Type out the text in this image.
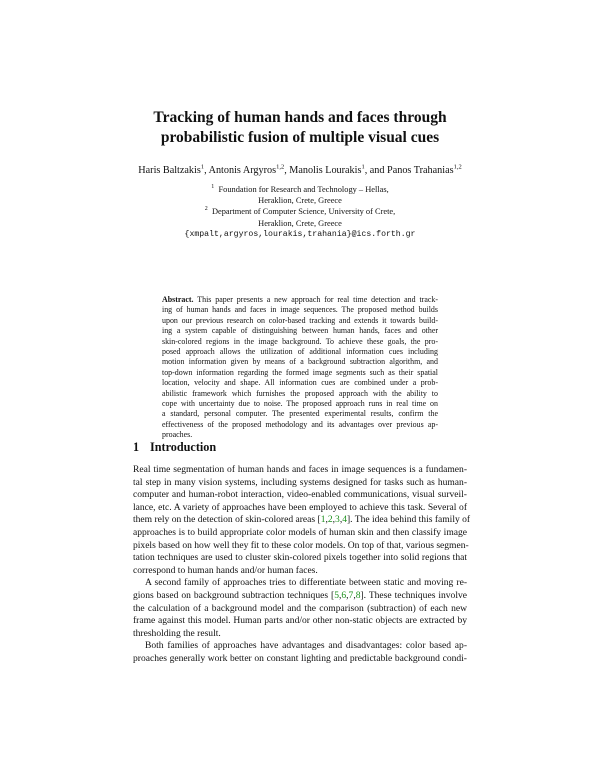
Tracking of human hands and faces through
probabilistic fusion of multiple visual cues
Haris Baltzakis$^1$, Antonis Argyros$^{1,2}$, Manolis Lourakis$^1$, and Panos Trahanias$^{1,2}$
$^1$ Foundation for Research and Technology – Hellas,
Heraklion, Crete, Greece
$^2$ Department of Computer Science, University of Crete,
Heraklion, Crete, Greece
{xmpalt,argyros,lourakis,trahania}@ics.forth.gr
Abstract. This paper presents a new approach for real time detection and track-
ing of human hands and faces in image sequences. The proposed method builds
upon our previous research on color-based tracking and extends it towards build-
ing a system capable of distinguishing between human hands, faces and other
skin-colored regions in the image background. To achieve these goals, the pro-
posed approach allows the utilization of additional information cues including
motion information given by means of a background subtraction algorithm, and
top-down information regarding the formed image segments such as their spatial
location, velocity and shape. All information cues are combined under a prob-
abilistic framework which furnishes the proposed approach with the ability to
cope with uncertainty due to noise. The proposed approach runs in real time on
a standard, personal computer. The presented experimental results, confirm the
effectiveness of the proposed methodology and its advantages over previous ap-
proaches.
1 Introduction
Real time segmentation of human hands and faces in image sequences is a fundamen-
tal step in many vision systems, including systems designed for tasks such as human-
computer and human-robot interaction, video-enabled communications, visual surveil-
lance, etc. A variety of approaches have been employed to achieve this task. Several of
them rely on the detection of skin-colored areas [1,2,3,4]. The idea behind this family of
approaches is to build appropriate color models of human skin and then classify image
pixels based on how well they fit to these color models. On top of that, various segmen-
tation techniques are used to cluster skin-colored pixels together into solid regions that
correspond to human hands and/or human faces.
A second family of approaches tries to differentiate between static and moving re-
gions based on background subtraction techniques [5,6,7,8]. These techniques involve
the calculation of a background model and the comparison (subtraction) of each new
frame against this model. Human parts and/or other non-static objects are extracted by
thresholding the result.
Both families of approaches have advantages and disadvantages: color based ap-
proaches generally work better on constant lighting and predictable background condi-
